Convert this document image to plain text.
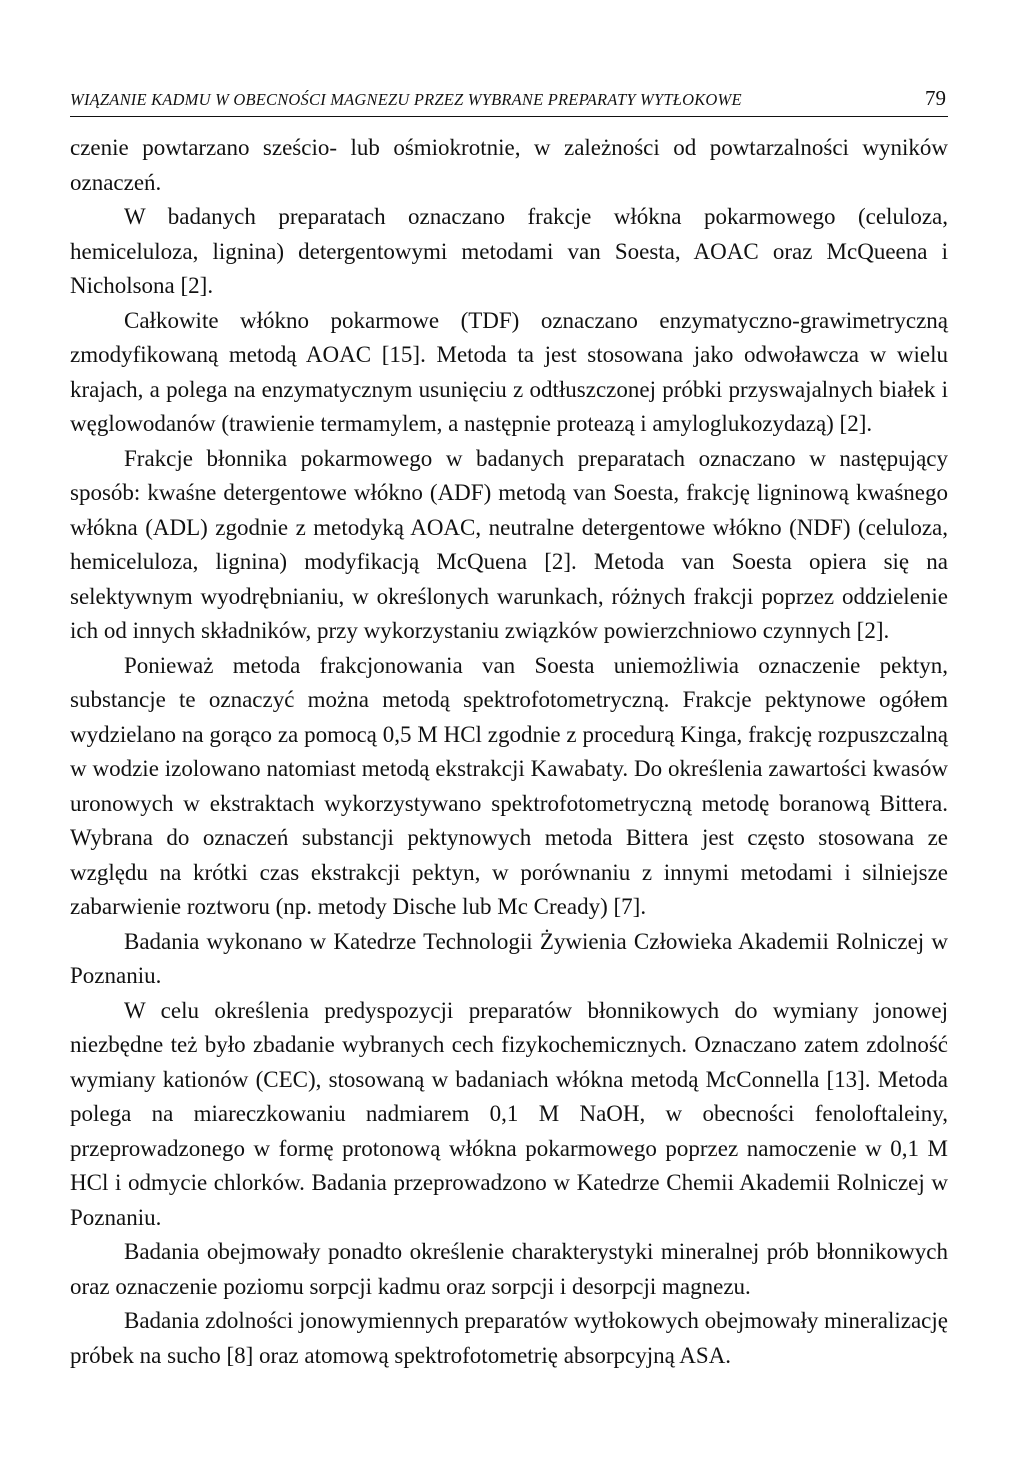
WIĄZANIE KADMU W OBECNOŚCI MAGNEZU PRZEZ WYBRANE PREPARATY WYTŁOKOWE	79

czenie powtarzano sześcio- lub ośmiokrotnie, w zależności od powtarzalności wyników oznaczeń.

W badanych preparatach oznaczano frakcje włókna pokarmowego (celuloza, hemiceluloza, lignina) detergentowymi metodami van Soesta, AOAC oraz McQueena i Nicholsona [2].

Całkowite włókno pokarmowe (TDF) oznaczano enzymatyczno-grawimetryczną zmodyfikowaną metodą AOAC [15]. Metoda ta jest stosowana jako odwoławcza w wielu krajach, a polega na enzymatycznym usunięciu z odtłuszczonej próbki przyswajalnych białek i węglowodanów (trawienie termamylem, a następnie proteazą i amyloglukozydazą) [2].

Frakcje błonnika pokarmowego w badanych preparatach oznaczano w następujący sposób: kwaśne detergentowe włókno (ADF) metodą van Soesta, frakcję ligninową kwaśnego włókna (ADL) zgodnie z metodyką AOAC, neutralne detergentowe włókno (NDF) (celuloza, hemiceluloza, lignina) modyfikacją McQuena [2]. Metoda van Soesta opiera się na selektywnym wyodrębnianiu, w określonych warunkach, różnych frakcji poprzez oddzielenie ich od innych składników, przy wykorzystaniu związków powierzchniowo czynnych [2].

Ponieważ metoda frakcjonowania van Soesta uniemożliwia oznaczenie pektyn, substancje te oznaczyć można metodą spektrofotometryczną. Frakcje pektynowe ogółem wydzielano na gorąco za pomocą 0,5 M HCl zgodnie z procedurą Kinga, frakcję rozpuszczalną w wodzie izolowano natomiast metodą ekstrakcji Kawabaty. Do określenia zawartości kwasów uronowych w ekstraktach wykorzystywano spektrofotometryczną metodę boranową Bittera. Wybrana do oznaczeń substancji pektynowych metoda Bittera jest często stosowana ze względu na krótki czas ekstrakcji pektyn, w porównaniu z innymi metodami i silniejsze zabarwienie roztworu (np. metody Dische lub Mc Cready) [7].

Badania wykonano w Katedrze Technologii Żywienia Człowieka Akademii Rolniczej w Poznaniu.

W celu określenia predyspozycji preparatów błonnikowych do wymiany jonowej niezbędne też było zbadanie wybranych cech fizykochemicznych. Oznaczano zatem zdolność wymiany kationów (CEC), stosowaną w badaniach włókna metodą McConnella [13]. Metoda polega na miareczkowaniu nadmiarem 0,1 M NaOH, w obecności fenoloftaleiny, przeprowadzonego w formę protonową włókna pokarmowego poprzez namoczenie w 0,1 M HCl i odmycie chlorków. Badania przeprowadzono w Katedrze Chemii Akademii Rolniczej w Poznaniu.

Badania obejmowały ponadto określenie charakterystyki mineralnej prób błonnikowych oraz oznaczenie poziomu sorpcji kadmu oraz sorpcji i desorpcji magnezu.

Badania zdolności jonowymiennych preparatów wytłokowych obejmowały mineralizację próbek na sucho [8] oraz atomową spektrofotometrię absorpcyjną ASA.
